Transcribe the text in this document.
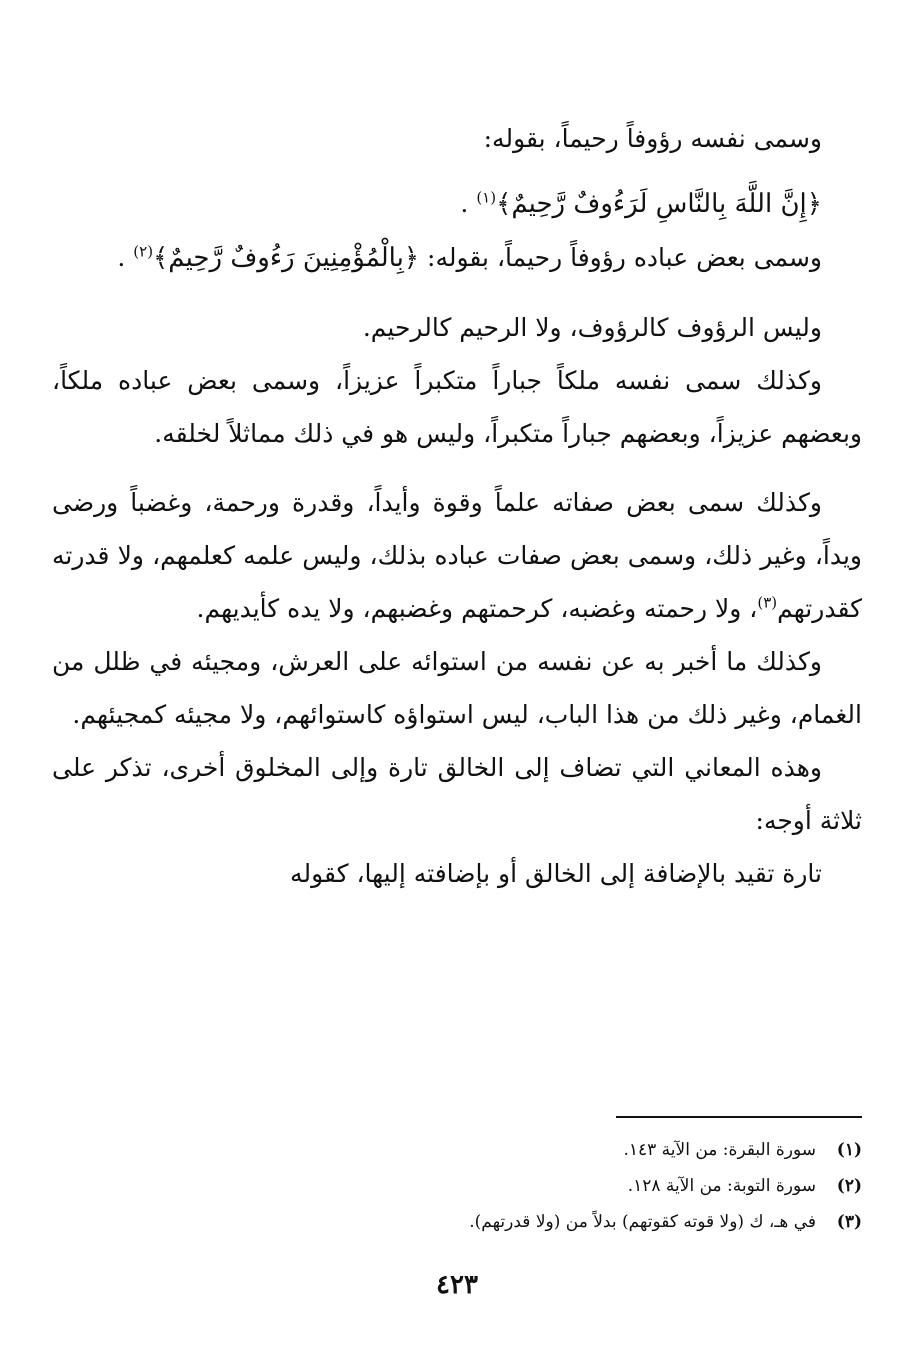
وسمى نفسه رؤوفاً رحيماً، بقوله:

﴿إِنَّ اللَّهَ بِالنَّاسِ لَرَءُوفٌ رَّحِيمٌ﴾$^{(١)}$ .

وسمى بعض عباده رؤوفاً رحيماً، بقوله: ﴿بِالْمُؤْمِنِينَ رَءُوفٌ رَّحِيمٌ﴾$^{(٢)}$ .

وليس الرؤوف كالرؤوف، ولا الرحيم كالرحيم.

وكذلك سمى نفسه ملكاً جباراً متكبراً عزيزاً، وسمى بعض عباده ملكاً، وبعضهم عزيزاً، وبعضهم جباراً متكبراً، وليس هو في ذلك مماثلاً لخلقه.

وكذلك سمى بعض صفاته علماً وقوة وأيداً، وقدرة ورحمة، وغضباً ورضى ويداً، وغير ذلك، وسمى بعض صفات عباده بذلك، وليس علمه كعلمهم، ولا قدرته كقدرتهم$^{(٣)}$، ولا رحمته وغضبه، كرحمتهم وغضبهم، ولا يده كأيديهم.

وكذلك ما أخبر به عن نفسه من استوائه على العرش، ومجيئه في ظلل من الغمام، وغير ذلك من هذا الباب، ليس استواؤه كاستوائهم، ولا مجيئه كمجيئهم.

وهذه المعاني التي تضاف إلى الخالق تارة وإلى المخلوق أخرى، تذكر على ثلاثة أوجه:

تارة تقيد بالإضافة إلى الخالق أو بإضافته إليها، كقوله

(١)
سورة البقرة: من الآية ١٤٣.
(٢)
سورة التوبة: من الآية ١٢٨.
(٣)
في هـ، ك (ولا قوته كقوتهم) بدلاً من (ولا قدرتهم).
٤٢٣
